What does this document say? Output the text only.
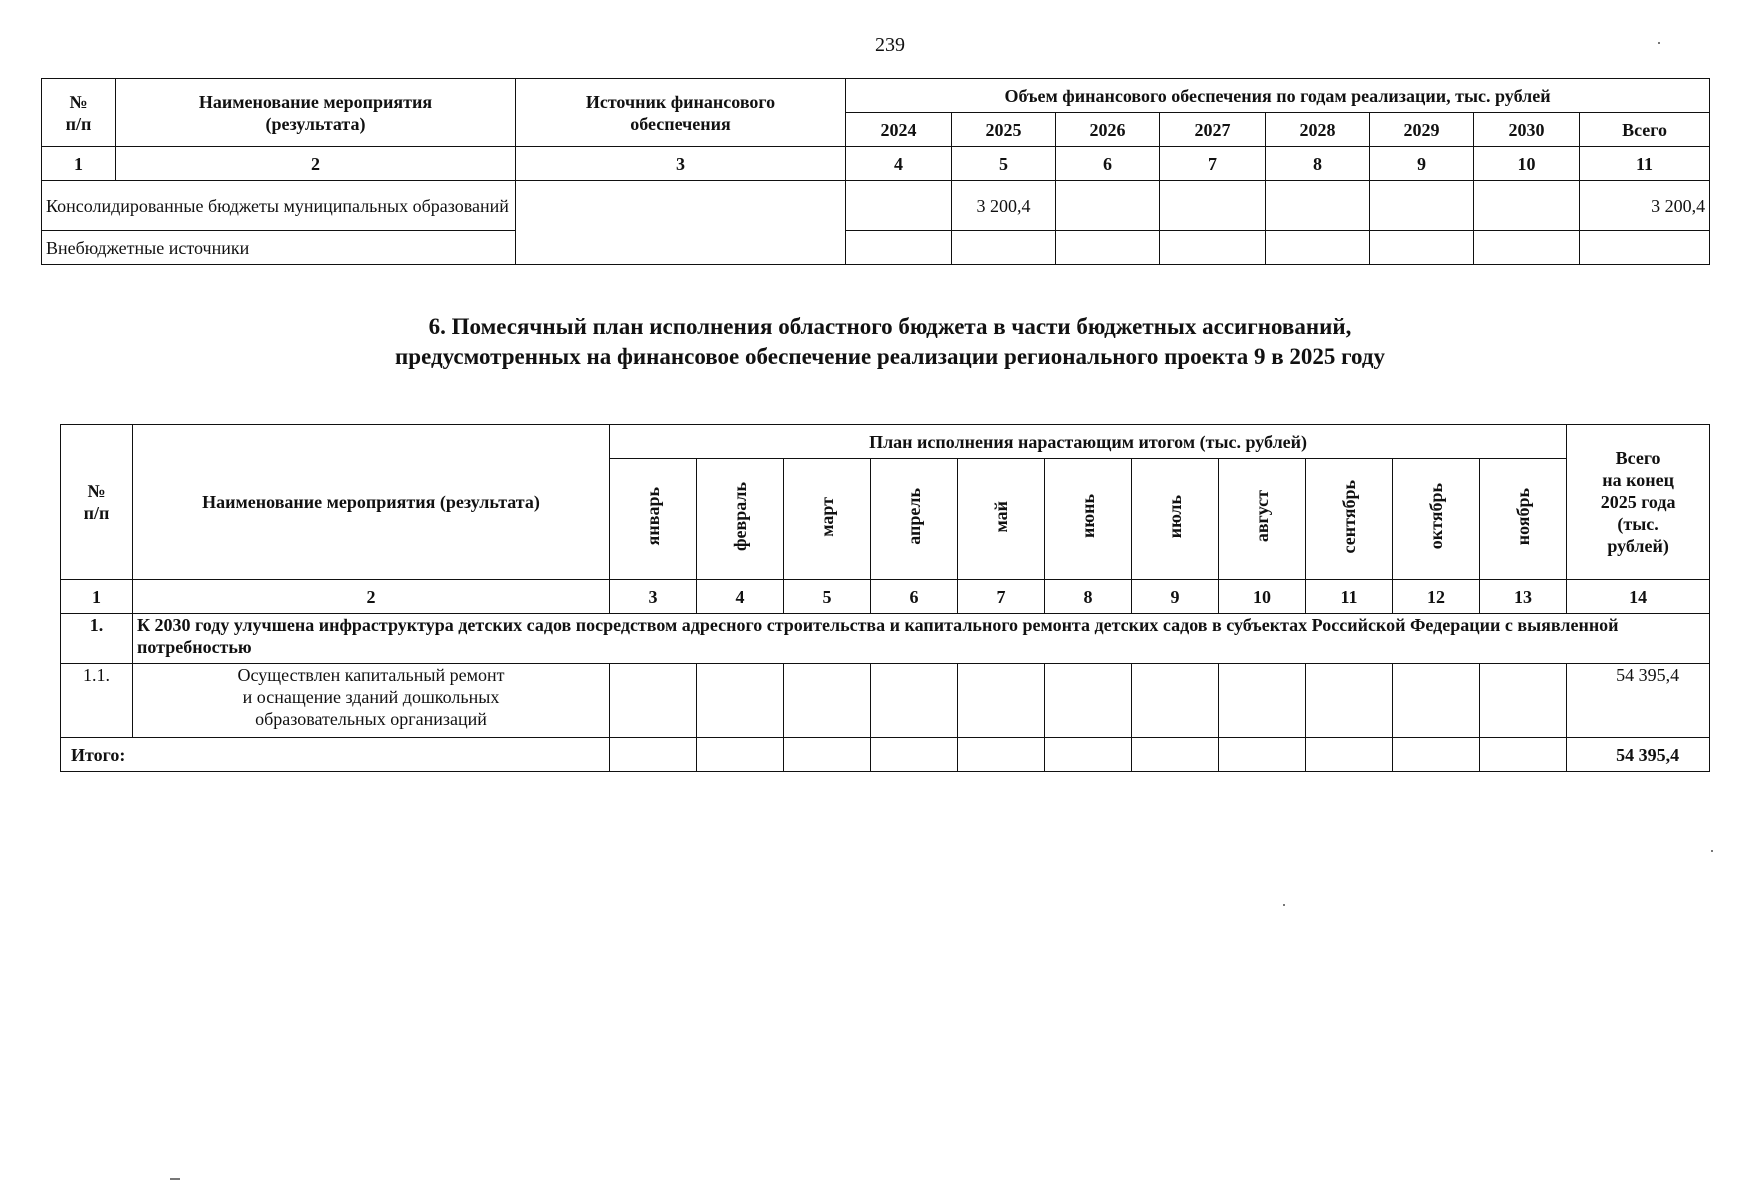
239
№
п/п	Наименование мероприятия
(результата)	Источник финансового
обеспечения	Объем финансового обеспечения по годам реализации, тыс. рублей							
			2024	2025	2026	2027	2028	2029	2030	Всего
1	2	3	4	5	6	7	8	9	10	11
Консолидированные бюджеты муниципальных образований				3 200,4						3 200,4
Внебюджетные источники										
6. Помесячный план исполнения областного бюджета в части бюджетных ассигнований,
предусмотренных на финансовое обеспечение реализации регионального проекта 9 в 2025 году
№
п/п	Наименование мероприятия (результата)	План исполнения нарастающим итогом (тыс. рублей)											Всего
на конец
2025 года
(тыс.
рублей)
		январь	февраль	март	апрель	май	июнь	июль	август	сентябрь	октябрь	ноябрь	
1	2	3	4	5	6	7	8	9	10	11	12	13	14
1.	К 2030 году улучшена инфраструктура детских садов посредством адресного строительства и капитального ремонта детских садов в субъектах Российской Федерации с выявленной потребностью												
1.1.	Осуществлен капитальный ремонт
и оснащение зданий дошкольных
образовательных организаций												54 395,4
Итого:													54 395,4
